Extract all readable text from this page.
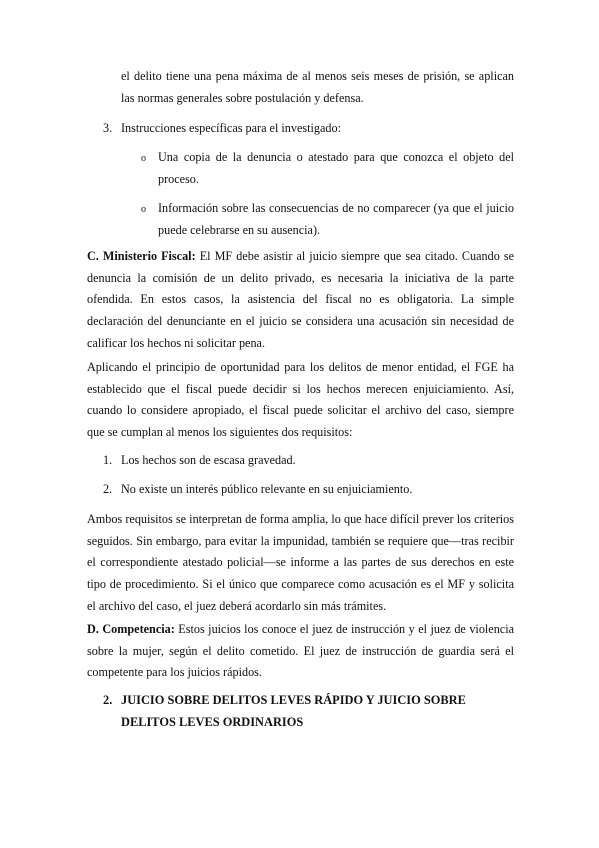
el delito tiene una pena máxima de al menos seis meses de prisión, se aplican las normas generales sobre postulación y defensa.

3. Instrucciones específicas para el investigado:

o Una copia de la denuncia o atestado para que conozca el objeto del proceso.

o Información sobre las consecuencias de no comparecer (ya que el juicio puede celebrarse en su ausencia).

C. Ministerio Fiscal: El MF debe asistir al juicio siempre que sea citado. Cuando se denuncia la comisión de un delito privado, es necesaria la iniciativa de la parte ofendida. En estos casos, la asistencia del fiscal no es obligatoria. La simple declaración del denunciante en el juicio se considera una acusación sin necesidad de calificar los hechos ni solicitar pena.

Aplicando el principio de oportunidad para los delitos de menor entidad, el FGE ha establecido que el fiscal puede decidir si los hechos merecen enjuiciamiento. Así, cuando lo considere apropiado, el fiscal puede solicitar el archivo del caso, siempre que se cumplan al menos los siguientes dos requisitos:

1. Los hechos son de escasa gravedad.

2. No existe un interés público relevante en su enjuiciamiento.

Ambos requisitos se interpretan de forma amplia, lo que hace difícil prever los criterios seguidos. Sin embargo, para evitar la impunidad, también se requiere que—tras recibir el correspondiente atestado policial—se informe a las partes de sus derechos en este tipo de procedimiento. Si el único que comparece como acusación es el MF y solicita el archivo del caso, el juez deberá acordarlo sin más trámites.

D. Competencia: Estos juicios los conoce el juez de instrucción y el juez de violencia sobre la mujer, según el delito cometido. El juez de instrucción de guardia será el competente para los juicios rápidos.

2. JUICIO SOBRE DELITOS LEVES RÁPIDO Y JUICIO SOBRE DELITOS LEVES ORDINARIOS
